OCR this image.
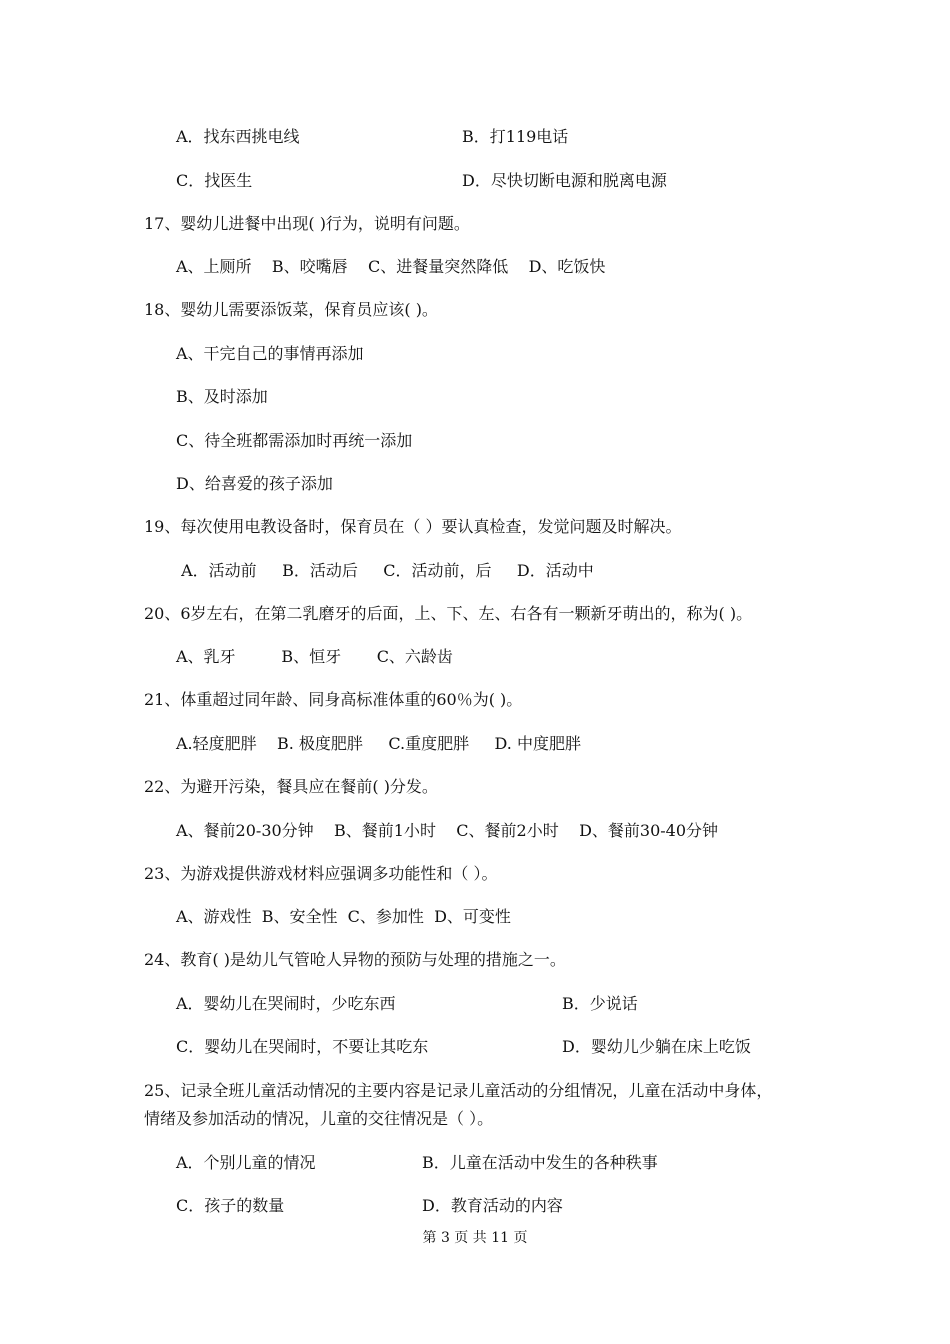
A．找东西挑电线	B．打119电话
C．找医生	D．尽快切断电源和脱离电源
17、婴幼儿进餐中出现( )行为，说明有问题。
A、上厕所    B、咬嘴唇    C、进餐量突然降低    D、吃饭快
18、婴幼儿需要添饭菜，保育员应该( )。
A、干完自己的事情再添加
B、及时添加
C、待全班都需添加时再统一添加
D、给喜爱的孩子添加
19、每次使用电教设备时，保育员在（ ）要认真检查，发觉问题及时解决。
A．活动前     B．活动后     C．活动前，后     D．活动中
20、6岁左右，在第二乳磨牙的后面，上、下、左、右各有一颗新牙萌出的，称为( )。
A、乳牙         B、恒牙       C、六龄齿
21、体重超过同年龄、同身高标准体重的60％为( )。
A.轻度肥胖    B. 极度肥胖     C.重度肥胖     D. 中度肥胖
22、为避开污染，餐具应在餐前( )分发。
A、餐前20-30分钟    B、餐前1小时    C、餐前2小时    D、餐前30-40分钟
23、为游戏提供游戏材料应强调多功能性和（ ）。
A、游戏性  B、安全性  C、参加性  D、可变性
24、教育( )是幼儿气管呛人异物的预防与处理的措施之一。
A．婴幼儿在哭闹时，少吃东西	B．少说话
C．婴幼儿在哭闹时，不要让其吃东	D．婴幼儿少躺在床上吃饭
25、记录全班儿童活动情况的主要内容是记录儿童活动的分组情况，儿童在活动中身体，
情绪及参加活动的情况，儿童的交往情况是（ ）。
A．个别儿童的情况	B．儿童在活动中发生的各种秩事
C．孩子的数量	D．教育活动的内容
第 3 页 共 11 页
